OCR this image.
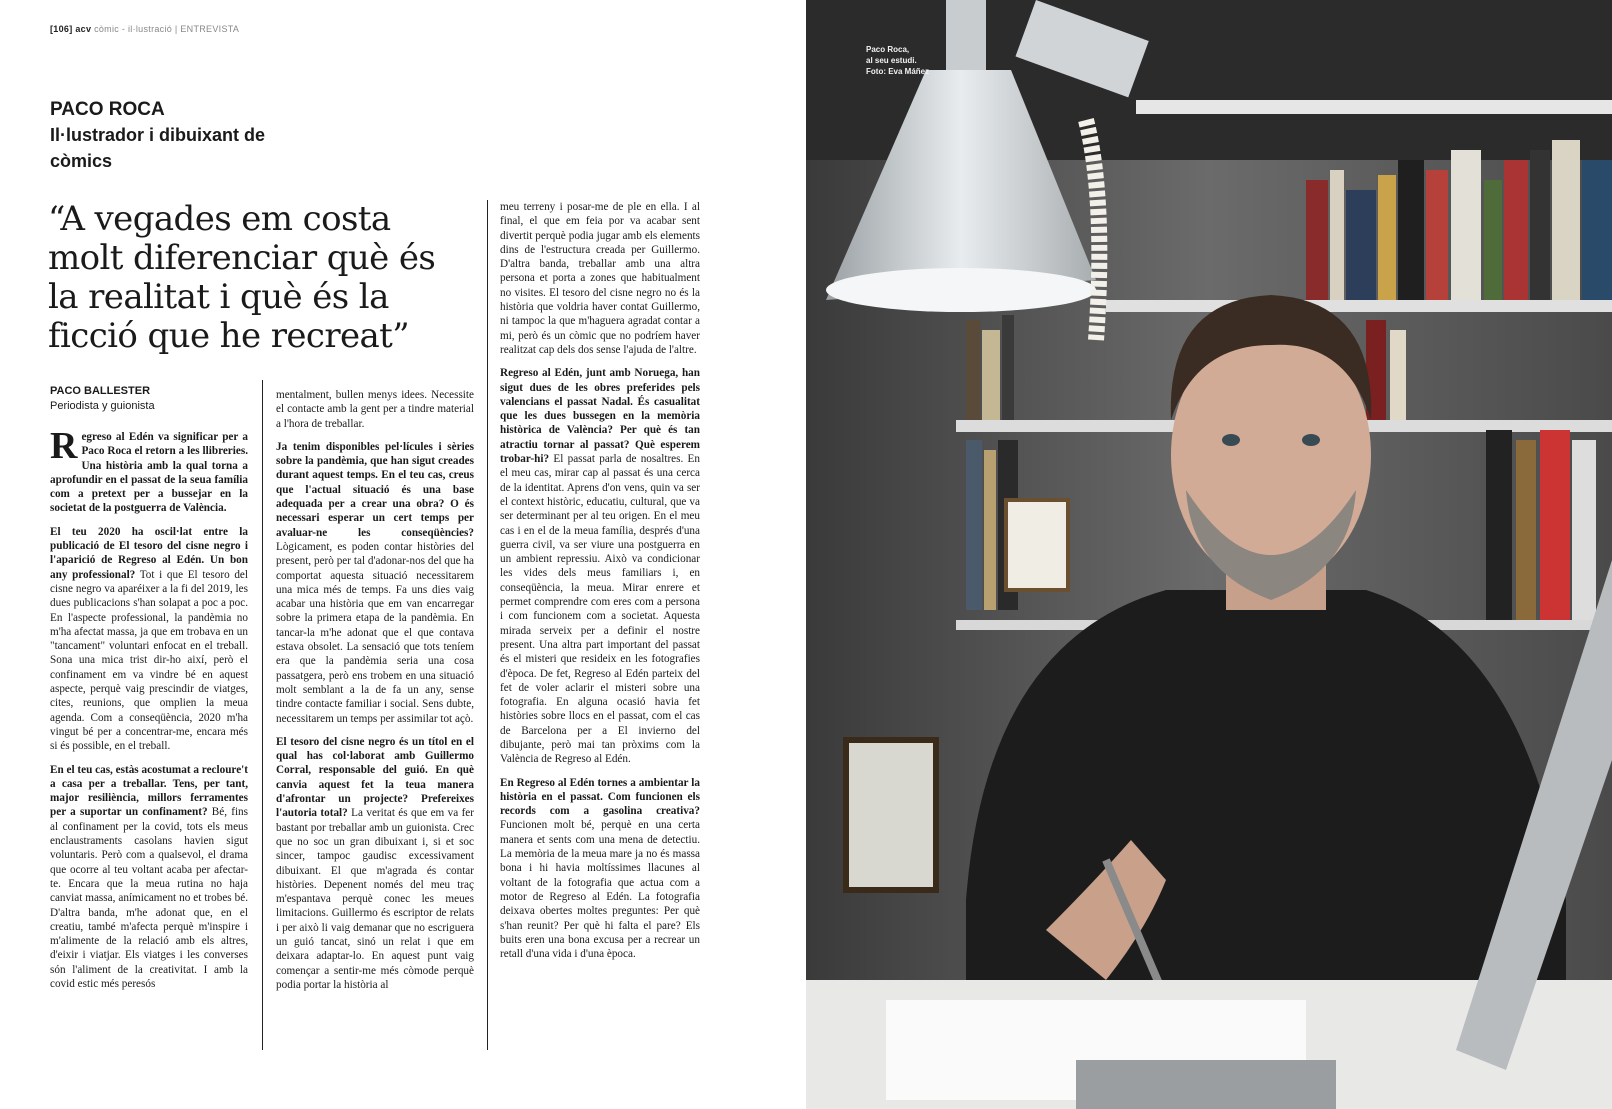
[106] acv còmic - il·lustració | ENTREVISTA
PACO ROCA
Il·lustrador i dibuixant de còmics
“A vegades em costa molt diferenciar què és la realitat i què és la ficció que he recreat”
PACO BALLESTER
Periodista y guionista

Regreso al Edén va significar per a Paco Roca el retorn a les llibreries. Una història amb la qual torna a aprofundir en el passat de la seua família com a pretext per a bussejar en la societat de la postguerra de València.

El teu 2020 ha oscil·lat entre la publicació de El tesoro del cisne negro i l'aparició de Regreso al Edén. Un bon any professional? Tot i que El tesoro del cisne negro va aparéixer a la fi del 2019, les dues publicacions s'han solapat a poc a poc. En l'aspecte professional, la pandèmia no m'ha afectat massa, ja que em trobava en un "tancament" voluntari enfocat en el treball. Sona una mica trist dir-ho així, però el confinament em va vindre bé en aquest aspecte, perquè vaig prescindir de viatges, cites, reunions, que omplien la meua agenda. Com a conseqüència, 2020 m'ha vingut bé per a concentrar-me, encara més si és possible, en el treball.

En el teu cas, estàs acostumat a recloure't a casa per a treballar. Tens, per tant, major resiliència, millors ferramentes per a suportar un confinament? Bé, fins al confinament per la covid, tots els meus enclaustraments casolans havien sigut voluntaris. Però com a qualsevol, el drama que ocorre al teu voltant acaba per afectar-te. Encara que la meua rutina no haja canviat massa, anímicament no et trobes bé. D'altra banda, m'he adonat que, en el creatiu, també m'afecta perquè m'inspire i m'alimente de la relació amb els altres, d'eixir i viatjar. Els viatges i les converses són l'aliment de la creativitat. I amb la covid estic més peresós

mentalment, bullen menys idees. Necessite el contacte amb la gent per a tindre material a l'hora de treballar.

Ja tenim disponibles pel·lícules i sèries sobre la pandèmia, que han sigut creades durant aquest temps. En el teu cas, creus que l'actual situació és una base adequada per a crear una obra? O és necessari esperar un cert temps per avaluar-ne les conseqüències? Lògicament, es poden contar històries del present, però per tal d'adonar-nos del que ha comportat aquesta situació necessitarem una mica més de temps. Fa uns dies vaig acabar una història que em van encarregar sobre la primera etapa de la pandèmia. En tancar-la m'he adonat que el que contava estava obsolet. La sensació que tots teníem era que la pandèmia seria una cosa passatgera, però ens trobem en una situació molt semblant a la de fa un any, sense tindre contacte familiar i social. Sens dubte, necessitarem un temps per assimilar tot açò.

El tesoro del cisne negro és un títol en el qual has col·laborat amb Guillermo Corral, responsable del guió. En què canvia aquest fet la teua manera d'afrontar un projecte? Prefereixes l'autoria total? La veritat és que em va fer bastant por treballar amb un guionista. Crec que no soc un gran dibuixant i, si et soc sincer, tampoc gaudisc excessivament dibuixant. El que m'agrada és contar històries. Depenent només del meu traç m'espantava perquè conec les meues limitacions. Guillermo és escriptor de relats i per això li vaig demanar que no escriguera un guió tancat, sinó un relat i que em deixara adaptar-lo. En aquest punt vaig començar a sentir-me més còmode perquè podia portar la història al

meu terreny i posar-me de ple en ella. I al final, el que em feia por va acabar sent divertit perquè podia jugar amb els elements dins de l'estructura creada per Guillermo. D'altra banda, treballar amb una altra persona et porta a zones que habitualment no visites. El tesoro del cisne negro no és la història que voldria haver contat Guillermo, ni tampoc la que m'haguera agradat contar a mi, però és un còmic que no podríem haver realitzat cap dels dos sense l'ajuda de l'altre.

Regreso al Edén, junt amb Noruega, han sigut dues de les obres preferides pels valencians el passat Nadal. És casualitat que les dues bussegen en la memòria històrica de València? Per què és tan atractiu tornar al passat? Què esperem trobar-hi? El passat parla de nosaltres. En el meu cas, mirar cap al passat és una cerca de la identitat. Aprens d'on vens, quin va ser el context històric, educatiu, cultural, que va ser determinant per al teu origen. En el meu cas i en el de la meua família, després d'una guerra civil, va ser viure una postguerra en un ambient repressiu. Això va condicionar les vides dels meus familiars i, en conseqüència, la meua. Mirar enrere et permet comprendre com eres com a persona i com funcionem com a societat. Aquesta mirada serveix per a definir el nostre present. Una altra part important del passat és el misteri que resideix en les fotografies d'època. De fet, Regreso al Edén parteix del fet de voler aclarir el misteri sobre una fotografia. En alguna ocasió havia fet històries sobre llocs en el passat, com el cas de Barcelona per a El invierno del dibujante, però mai tan pròxims com la València de Regreso al Edén.

En Regreso al Edén tornes a ambientar la història en el passat. Com funcionen els records com a gasolina creativa? Funcionen molt bé, perquè en una certa manera et sents com una mena de detectiu. La memòria de la meua mare ja no és massa bona i hi havia moltíssimes llacunes al voltant de la fotografia que actua com a motor de Regreso al Edén. La fotografia deixava obertes moltes preguntes: Per què s'han reunit? Per què hi falta el pare? Els buits eren una bona excusa per a recrear un retall d'una vida i d'una època.

Paco Roca,
al seu estudi.
Foto: Eva Máñez
